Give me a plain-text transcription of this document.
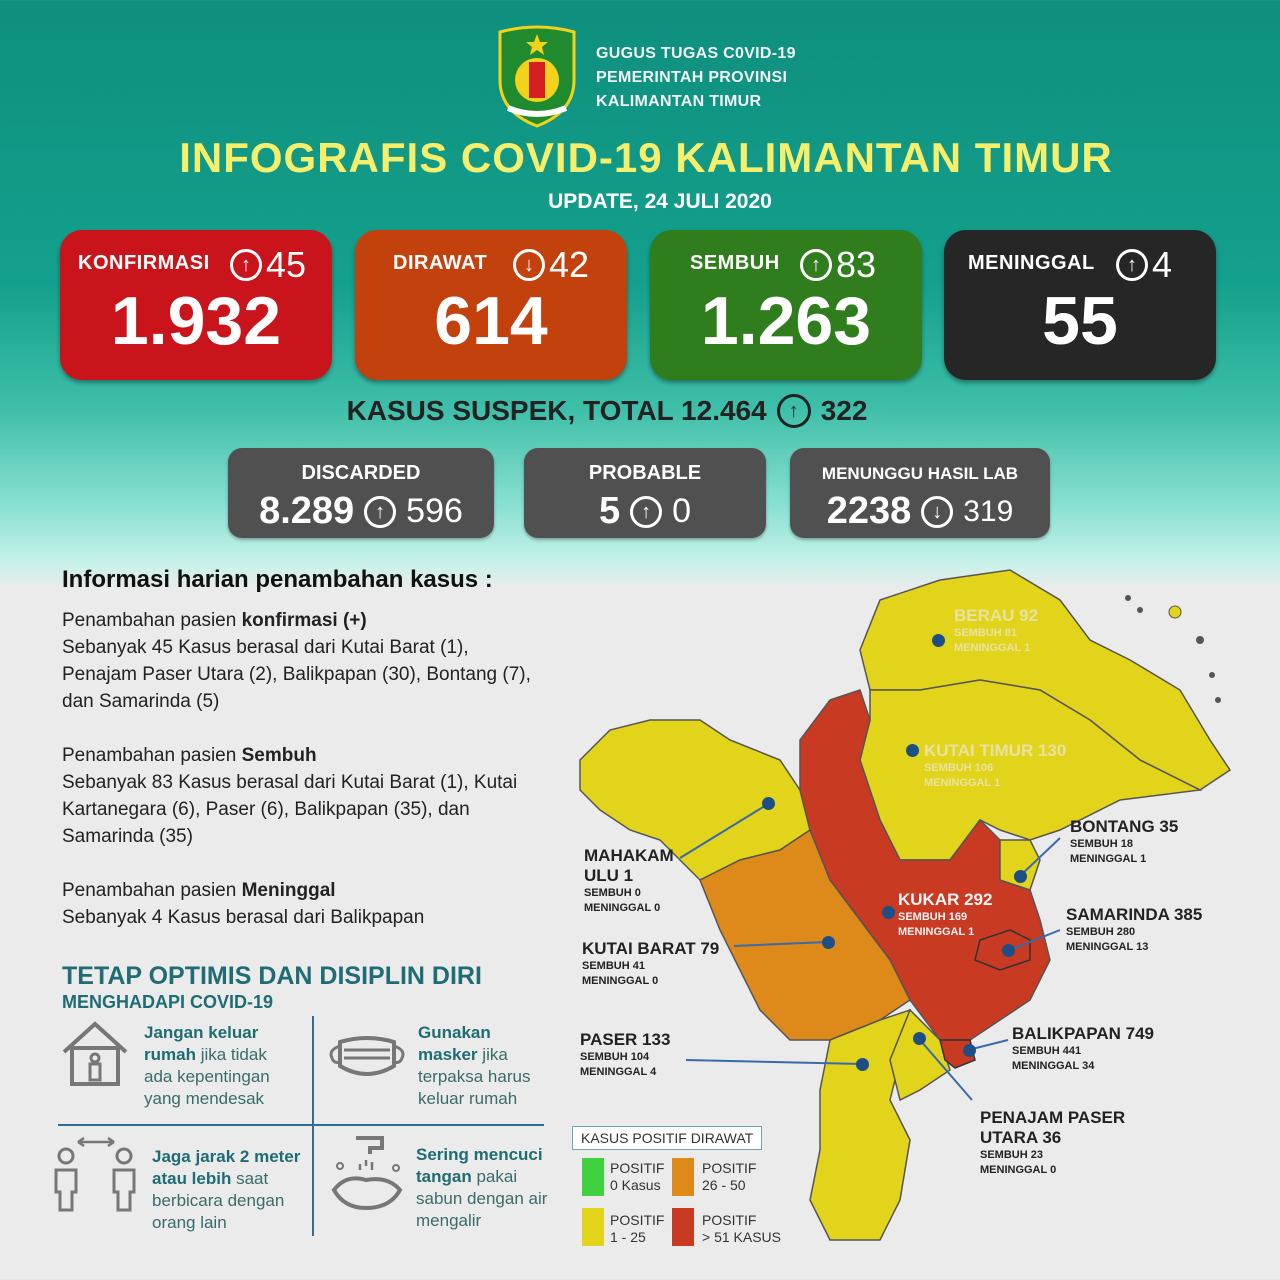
GUGUS TUGAS C0VID-19
PEMERINTAH PROVINSI
KALIMANTAN TIMUR
INFOGRAFIS COVID-19 KALIMANTAN TIMUR
UPDATE, 24 JULI 2020
KONFIRMASI	↑ 45
1.932
DIRAWAT	↓ 42
614
SEMBUH	↑ 83
1.263
MENINGGAL	↑ 4
55
KASUS SUSPEK, TOTAL 12.464	↑ 322
DISCARDED
8.289	↑ 596
PROBABLE
5	↑ 0
MENUNGGU HASIL LAB
2238	↓ 319
Informasi harian penambahan kasus :
Penambahan pasien konfirmasi (+)
Sebanyak 45 Kasus berasal dari Kutai Barat (1), Penajam Paser Utara (2), Balikpapan (30), Bontang (7), dan Samarinda (5)
Penambahan pasien Sembuh
Sebanyak 83 Kasus berasal dari Kutai Barat (1), Kutai Kartanegara (6), Paser (6), Balikpapan (35), dan Samarinda (35)
Penambahan pasien Meninggal
Sebanyak 4 Kasus berasal dari Balikpapan
TETAP OPTIMIS DAN DISIPLIN DIRI
MENGHADAPI COVID-19
Jangan keluar rumah jika tidak ada kepentingan yang mendesak
Gunakan masker jika terpaksa harus keluar rumah
Jaga jarak 2 meter atau lebih saat berbicara dengan orang lain
Sering mencuci tangan pakai sabun dengan air mengalir
BERAU 92
SEMBUH 81
MENINGGAL 1
KUTAI TIMUR 130
SEMBUH 106
MENINGGAL 1
BONTANG 35
SEMBUH 18
MENINGGAL 1
MAHAKAM ULU 1
SEMBUH 0
MENINGGAL 0	KUKAR 292
SEMBUH 169
MENINGGAL 1
SAMARINDA 385
SEMBUH 280
MENINGGAL 13
KUTAI BARAT 79
SEMBUH 41
MENINGGAL 0
BALIKPAPAN 749
SEMBUH 441
MENINGGAL 34
PASER 133
SEMBUH 104
MENINGGAL 4
PENAJAM PASER UTARA 36
SEMBUH 23
MENINGGAL 0
KASUS POSITIF DIRAWAT
POSITIF
0 Kasus
POSITIF
26 - 50
POSITIF
1 - 25
POSITIF
> 51 KASUS
